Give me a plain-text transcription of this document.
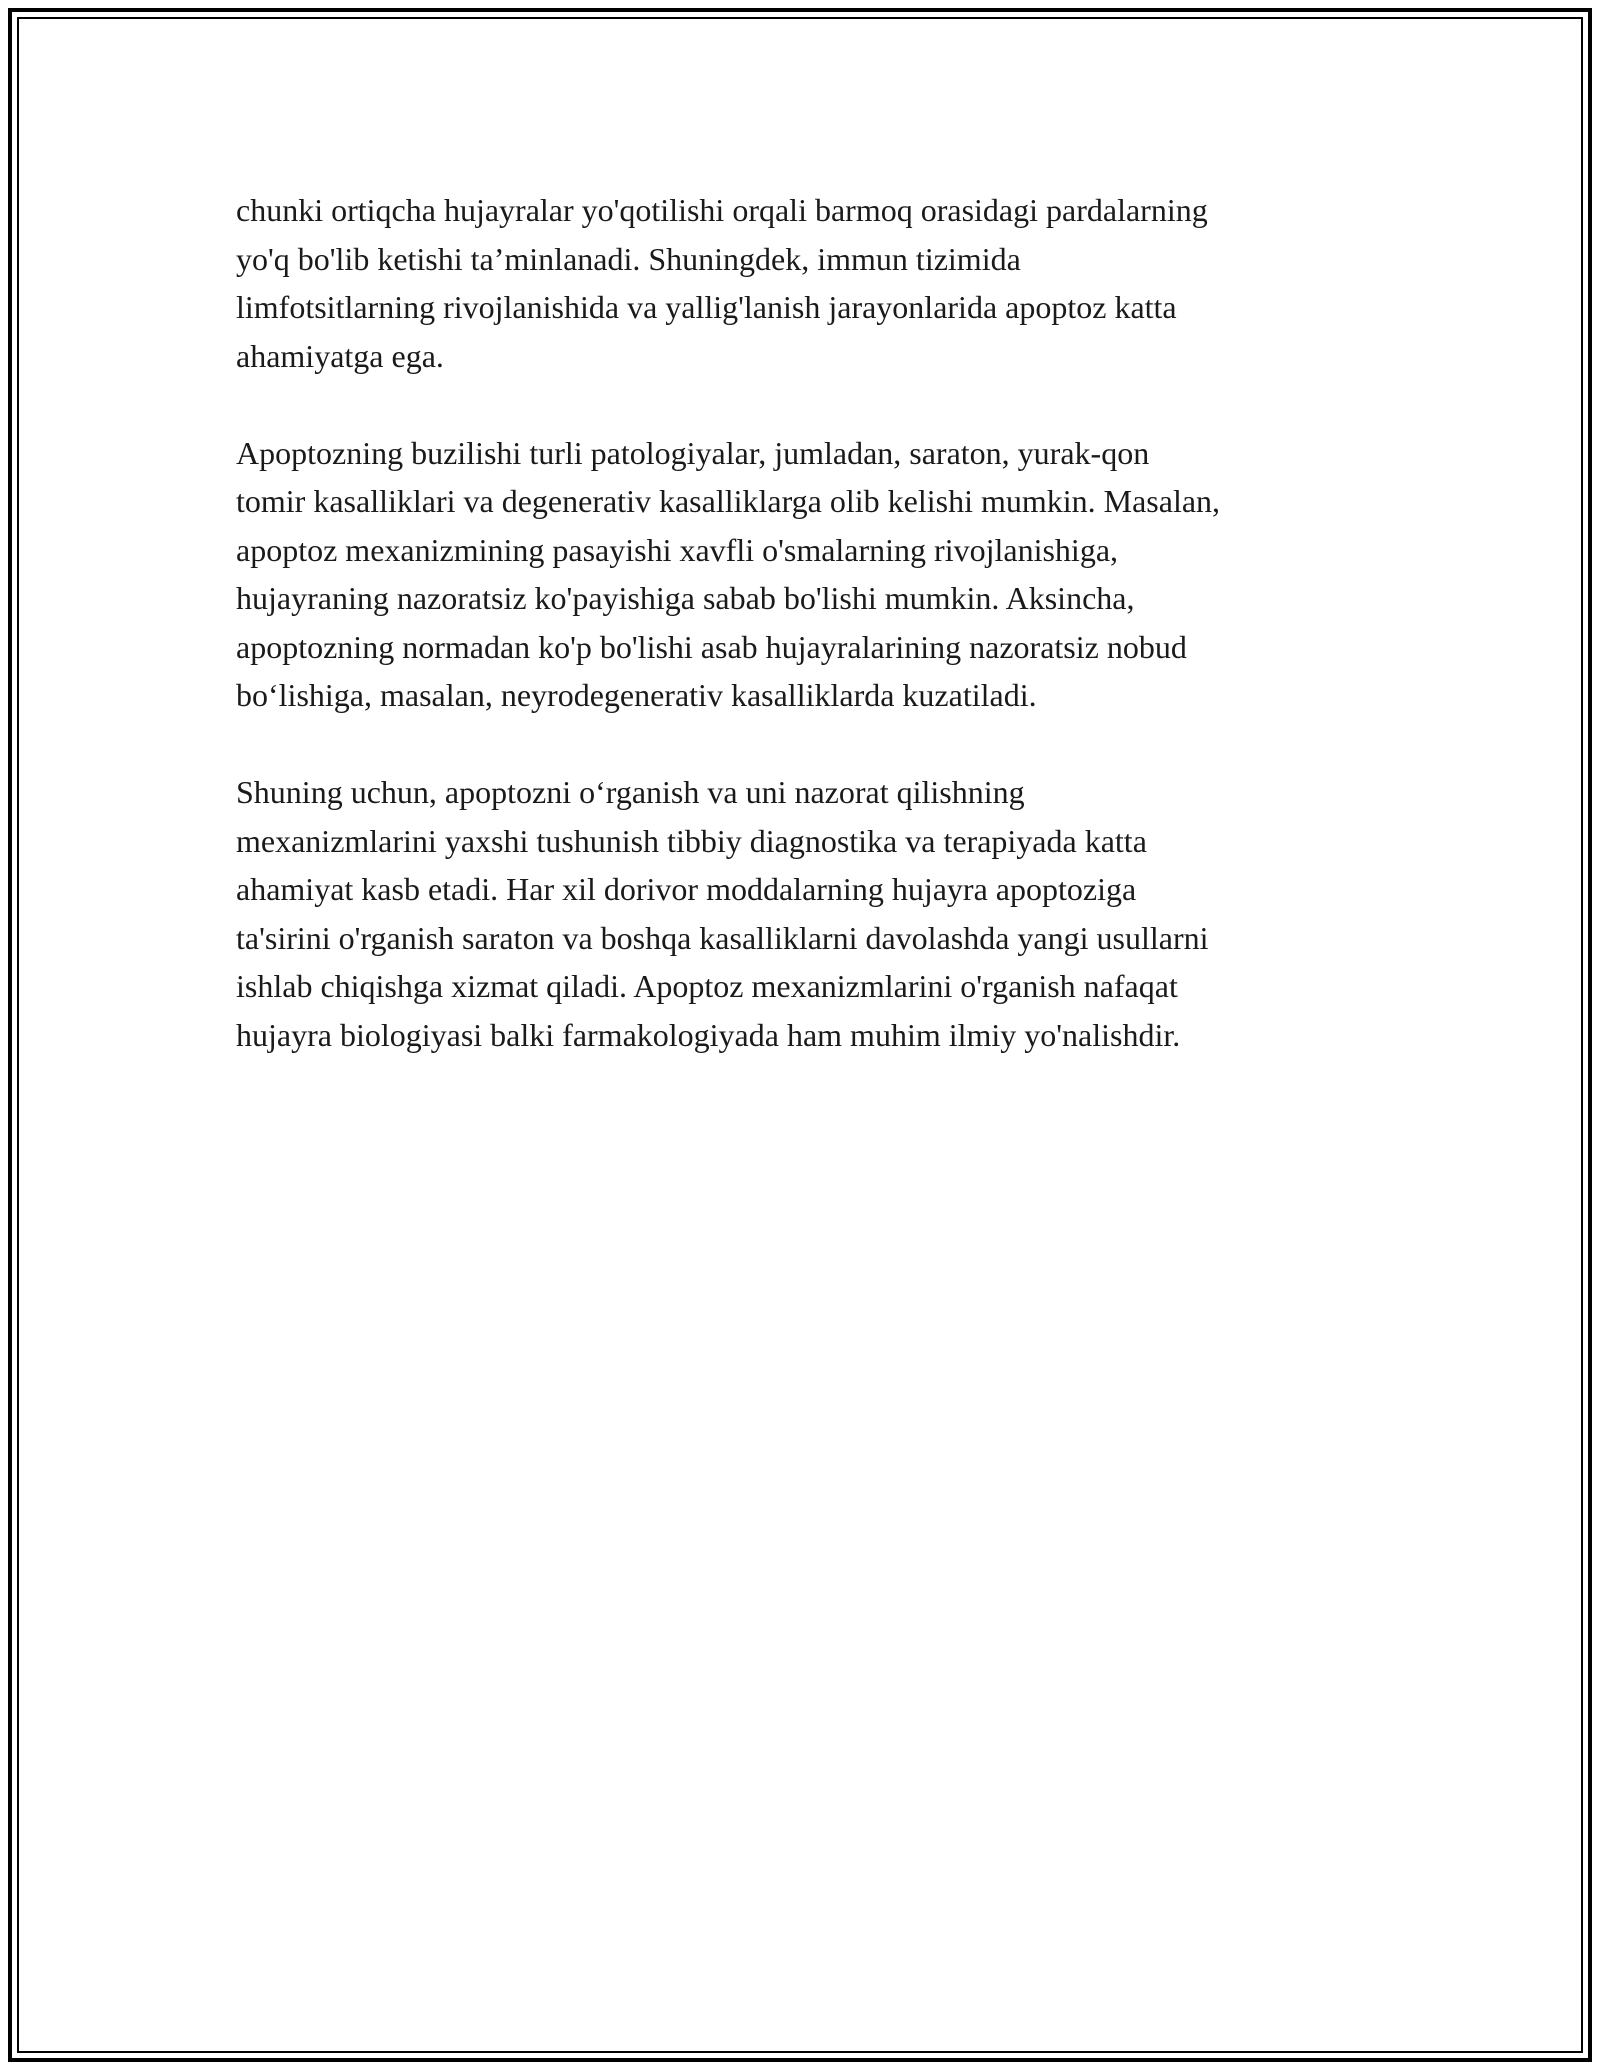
chunki ortiqcha hujayralar yo'qotilishi orqali barmoq orasidagi pardalarning
yo'q bo'lib ketishi ta’minlanadi. Shuningdek, immun tizimida
limfotsitlarning rivojlanishida va yallig'lanish jarayonlarida apoptoz katta
ahamiyatga ega.

Apoptozning buzilishi turli patologiyalar, jumladan, saraton, yurak-qon
tomir kasalliklari va degenerativ kasalliklarga olib kelishi mumkin. Masalan,
apoptoz mexanizmining pasayishi xavfli o'smalarning rivojlanishiga,
hujayraning nazoratsiz ko'payishiga sabab bo'lishi mumkin. Aksincha,
apoptozning normadan ko'p bo'lishi asab hujayralarining nazoratsiz nobud
bo‘lishiga, masalan, neyrodegenerativ kasalliklarda kuzatiladi.

Shuning uchun, apoptozni o‘rganish va uni nazorat qilishning
mexanizmlarini yaxshi tushunish tibbiy diagnostika va terapiyada katta
ahamiyat kasb etadi. Har xil dorivor moddalarning hujayra apoptoziga
ta'sirini o'rganish saraton va boshqa kasalliklarni davolashda yangi usullarni
ishlab chiqishga xizmat qiladi. Apoptoz mexanizmlarini o'rganish nafaqat
hujayra biologiyasi balki farmakologiyada ham muhim ilmiy yo'nalishdir.
